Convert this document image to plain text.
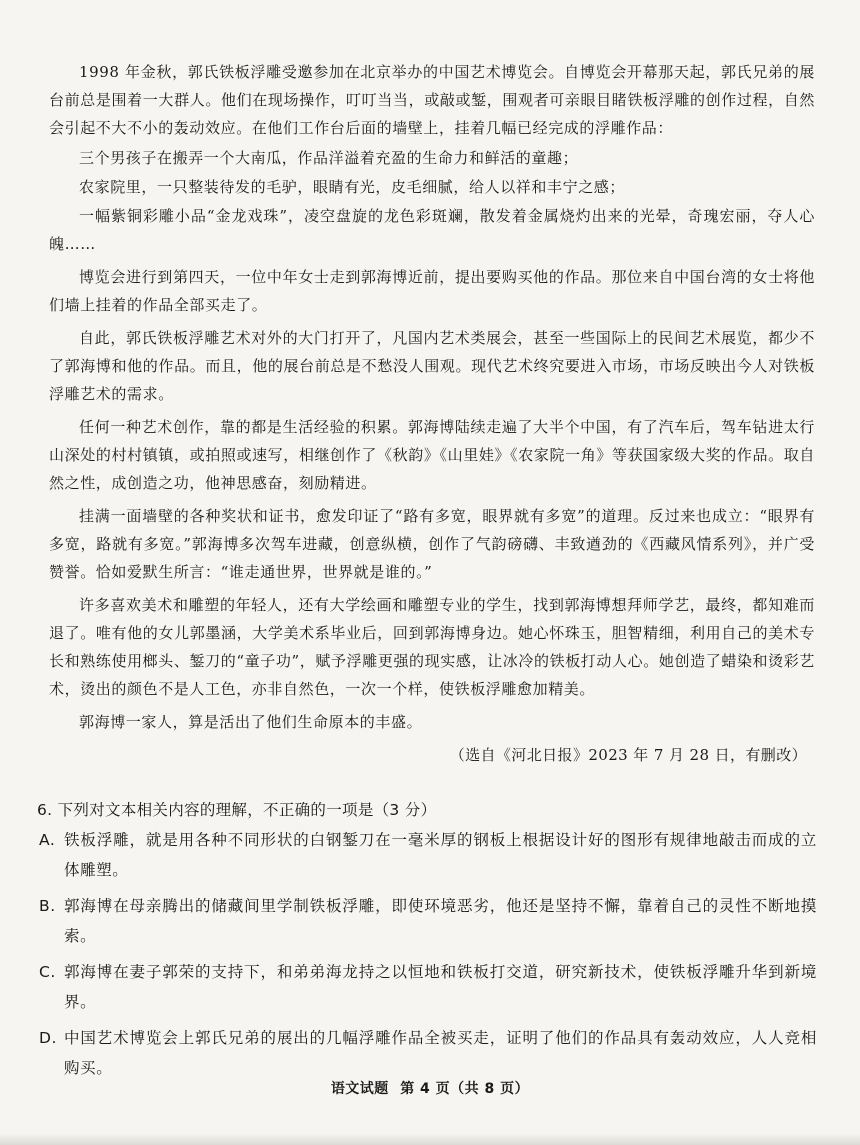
1998 年金秋，郭氏铁板浮雕受邀参加在北京举办的中国艺术博览会。自博览会开幕那天起，郭氏兄弟的展台前总是围着一大群人。他们在现场操作，叮叮当当，或敲或錾，围观者可亲眼目睹铁板浮雕的创作过程，自然会引起不大不小的轰动效应。在他们工作台后面的墙壁上，挂着几幅已经完成的浮雕作品：

三个男孩子在搬弄一个大南瓜，作品洋溢着充盈的生命力和鲜活的童趣；

农家院里，一只整装待发的毛驴，眼睛有光，皮毛细腻，给人以祥和丰宁之感；

一幅紫铜彩雕小品“金龙戏珠”，凌空盘旋的龙色彩斑斓，散发着金属烧灼出来的光晕，奇瑰宏丽，夺人心魄……

博览会进行到第四天，一位中年女士走到郭海博近前，提出要购买他的作品。那位来自中国台湾的女士将他们墙上挂着的作品全部买走了。

自此，郭氏铁板浮雕艺术对外的大门打开了，凡国内艺术类展会，甚至一些国际上的民间艺术展览，都少不了郭海博和他的作品。而且，他的展台前总是不愁没人围观。现代艺术终究要进入市场，市场反映出今人对铁板浮雕艺术的需求。

任何一种艺术创作，靠的都是生活经验的积累。郭海博陆续走遍了大半个中国，有了汽车后，驾车钻进太行山深处的村村镇镇，或拍照或速写，相继创作了《秋韵》《山里娃》《农家院一角》等获国家级大奖的作品。取自然之性，成创造之功，他神思感奋，刻励精进。

挂满一面墙壁的各种奖状和证书，愈发印证了“路有多宽，眼界就有多宽”的道理。反过来也成立：“眼界有多宽，路就有多宽。”郭海博多次驾车进藏，创意纵横，创作了气韵磅礴、丰致遒劲的《西藏风情系列》，并广受赞誉。恰如爱默生所言：“谁走通世界，世界就是谁的。”

许多喜欢美术和雕塑的年轻人，还有大学绘画和雕塑专业的学生，找到郭海博想拜师学艺，最终，都知难而退了。唯有他的女儿郭墨涵，大学美术系毕业后，回到郭海博身边。她心怀珠玉，胆智精细，利用自己的美术专长和熟练使用榔头、錾刀的“童子功”，赋予浮雕更强的现实感，让冰冷的铁板打动人心。她创造了蜡染和烫彩艺术，烫出的颜色不是人工色，亦非自然色，一次一个样，使铁板浮雕愈加精美。

郭海博一家人，算是活出了他们生命原本的丰盛。

（选自《河北日报》2023 年 7 月 28 日，有删改）
6. 下列对文本相关内容的理解，不正确的一项是（3 分）
A. 铁板浮雕，就是用各种不同形状的白钢錾刀在一毫米厚的钢板上根据设计好的图形有规律地敲击而成的立体雕塑。
B. 郭海博在母亲腾出的储藏间里学制铁板浮雕，即使环境恶劣，他还是坚持不懈，靠着自己的灵性不断地摸索。
C. 郭海博在妻子郭荣的支持下，和弟弟海龙持之以恒地和铁板打交道，研究新技术，使铁板浮雕升华到新境界。
D. 中国艺术博览会上郭氏兄弟的展出的几幅浮雕作品全被买走，证明了他们的作品具有轰动效应，人人竞相购买。
语文试题 第 4 页（共 8 页）
